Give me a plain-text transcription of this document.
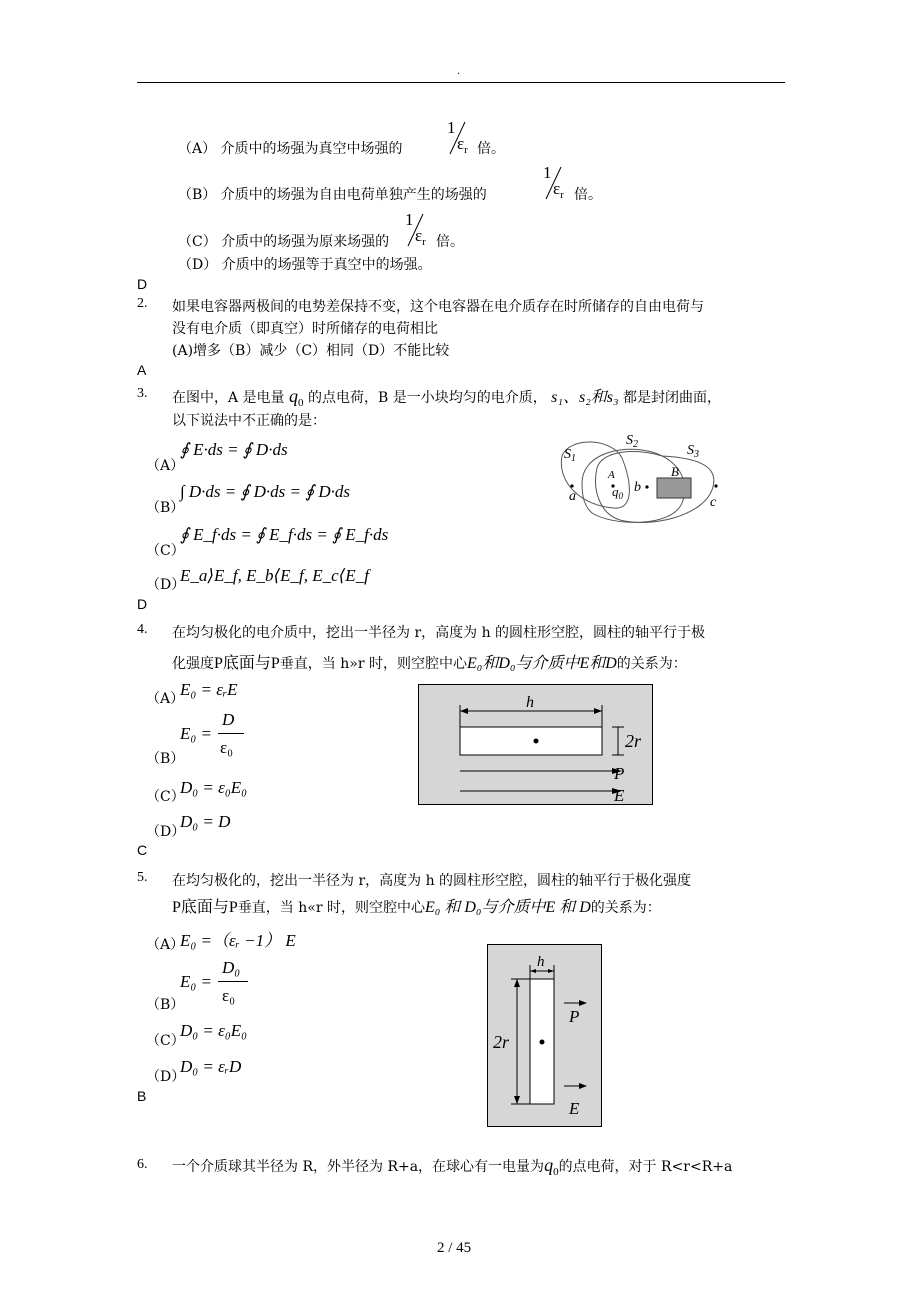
.
（A） 介质中的场强为真空中场强的
（B） 介质中的场强为自由电荷单独产生的场强的
（C） 介质中的场强为原来场强的
1
$\varepsilon_r$ 倍。
1
$\varepsilon_r$ 倍。
1
$\varepsilon_r$ 倍。
（D） 介质中的场强等于真空中的场强。
D
2. 如果电容器两极间的电势差保持不变，这个电容器在电介质存在时所储存的自由电荷与
没有电介质（即真空）时所储存的电荷相比
(A)增多（B）减少（C）相同（D）不能比较
A
3. 在图中，A 是电量 $q_0$ 的点电荷，B 是一小块均匀的电介质， s₁、s₂和s₃ 都是封闭曲面，
以下说法中不正确的是：
（A）
∮ E·ds = ∮ D·ds
（B）
∫ D·ds = ∮ D·ds = ∮ D·ds
（C）
∮ E_f·ds = ∮ E_f·ds = ∮ E_f·ds
（D）
E_a⟩E_f, E_b⟨E_f, E_c⟨E_f
D
$S_1$
$S_2$	$S_3$
a
A
$q_0$
b
B
c
4. 在均匀极化的电介质中，挖出一半径为 r，高度为 h 的圆柱形空腔，圆柱的轴平行于极
化强度P底面与P垂直，当 h»r 时，则空腔中心E₀和D₀与介质中E和D的关系为：
（A）
E₀ = εᵣE
（B）
E₀ =
D
ε₀
（C）
D₀ = ε₀E₀
（D）
D₀ = D
C
h
2r
P
E
5. 在均匀极化的，挖出一半径为 r，高度为 h 的圆柱形空腔，圆柱的轴平行于极化强度
P底面与P垂直，当 h«r 时，则空腔中心E₀ 和 D₀与介质中E 和 D的关系为：
（A）
E₀ =（εᵣ −1） E
（B）
E₀ =
D₀
ε₀
（C）
D₀ = ε₀E₀
（D）
D₀ = εᵣD
B
h
2r
P
E
6. 一个介质球其半径为 R，外半径为 R+a，在球心有一电量为$q_0$的点电荷，对于 R<r<R+a
2 / 45
